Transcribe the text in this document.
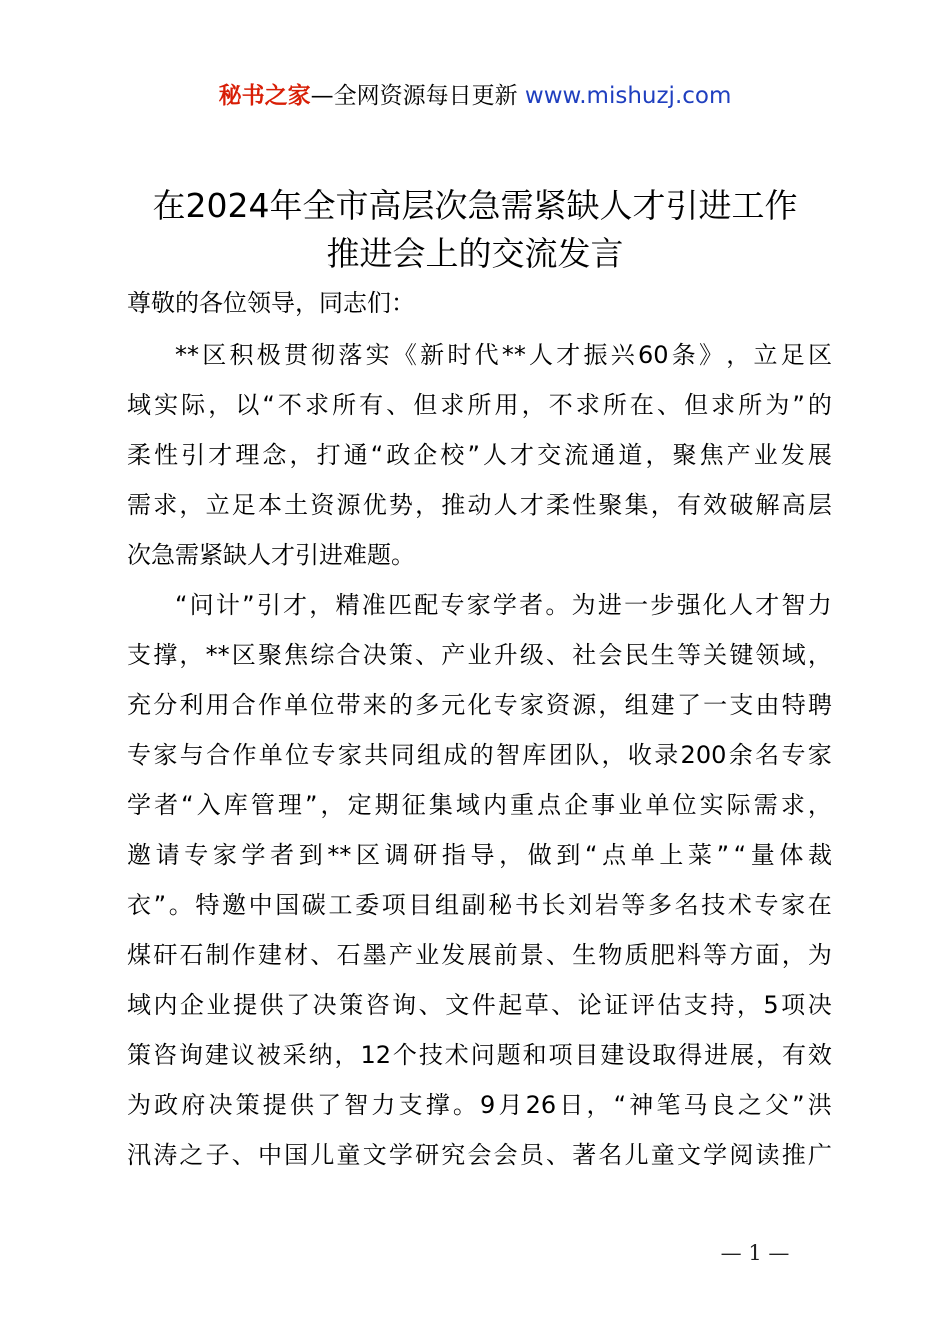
秘书之家—全网资源每日更新 www.mishuzj.com
在2024年全市高层次急需紧缺人才引进工作
推进会上的交流发言
尊敬的各位领导，同志们：
** 区 积 极 贯 彻 落 实 《 新 时 代 ** 人 才 振 兴 60 条 》 ， 立 足 区
域 实 际 ， 以 “ 不 求 所 有 、 但 求 所 用 ， 不 求 所 在 、 但 求 所 为 ” 的
柔 性 引 才 理 念 ， 打 通 “ 政 企 校 ” 人 才 交 流 通 道 ， 聚 焦 产 业 发 展
需 求 ， 立 足 本 土 资 源 优 势 ， 推 动 人 才 柔 性 聚 集 ， 有 效 破 解 高 层
次急需紧缺人才引进难题。
“ 问 计 ” 引 才 ， 精 准 匹 配 专 家 学 者 。 为 进 一 步 强 化 人 才 智 力
支 撑 ， ** 区 聚 焦 综 合 决 策 、 产 业 升 级 、 社 会 民 生 等 关 键 领 域 ，
充 分 利 用 合 作 单 位 带 来 的 多 元 化 专 家 资 源 ， 组 建 了 一 支 由 特 聘
专 家 与 合 作 单 位 专 家 共 同 组 成 的 智 库 团 队 ， 收 录 200 余 名 专 家
学 者 “ 入 库 管 理 ” ， 定 期 征 集 域 内 重 点 企 事 业 单 位 实 际 需 求 ，
邀 请 专 家 学 者 到 ** 区 调 研 指 导 ， 做 到 “ 点 单 上 菜 ” “ 量 体 裁
衣 ” 。 特 邀 中 国 碳 工 委 项 目 组 副 秘 书 长 刘 岩 等 多 名 技 术 专 家 在
煤 矸 石 制 作 建 材 、 石 墨 产 业 发 展 前 景 、 生 物 质 肥 料 等 方 面 ， 为
域 内 企 业 提 供 了 决 策 咨 询 、 文 件 起 草 、 论 证 评 估 支 持 ， 5 项 决
策 咨 询 建 议 被 采 纳 ， 12 个 技 术 问 题 和 项 目 建 设 取 得 进 展 ， 有 效
为 政 府 决 策 提 供 了 智 力 支 撑 。 9 月 26 日 ， “ 神 笔 马 良 之 父 ” 洪
汛 涛 之 子 、 中 国 儿 童 文 学 研 究 会 会 员 、 著 名 儿 童 文 学 阅 读 推 广
— 1 —
